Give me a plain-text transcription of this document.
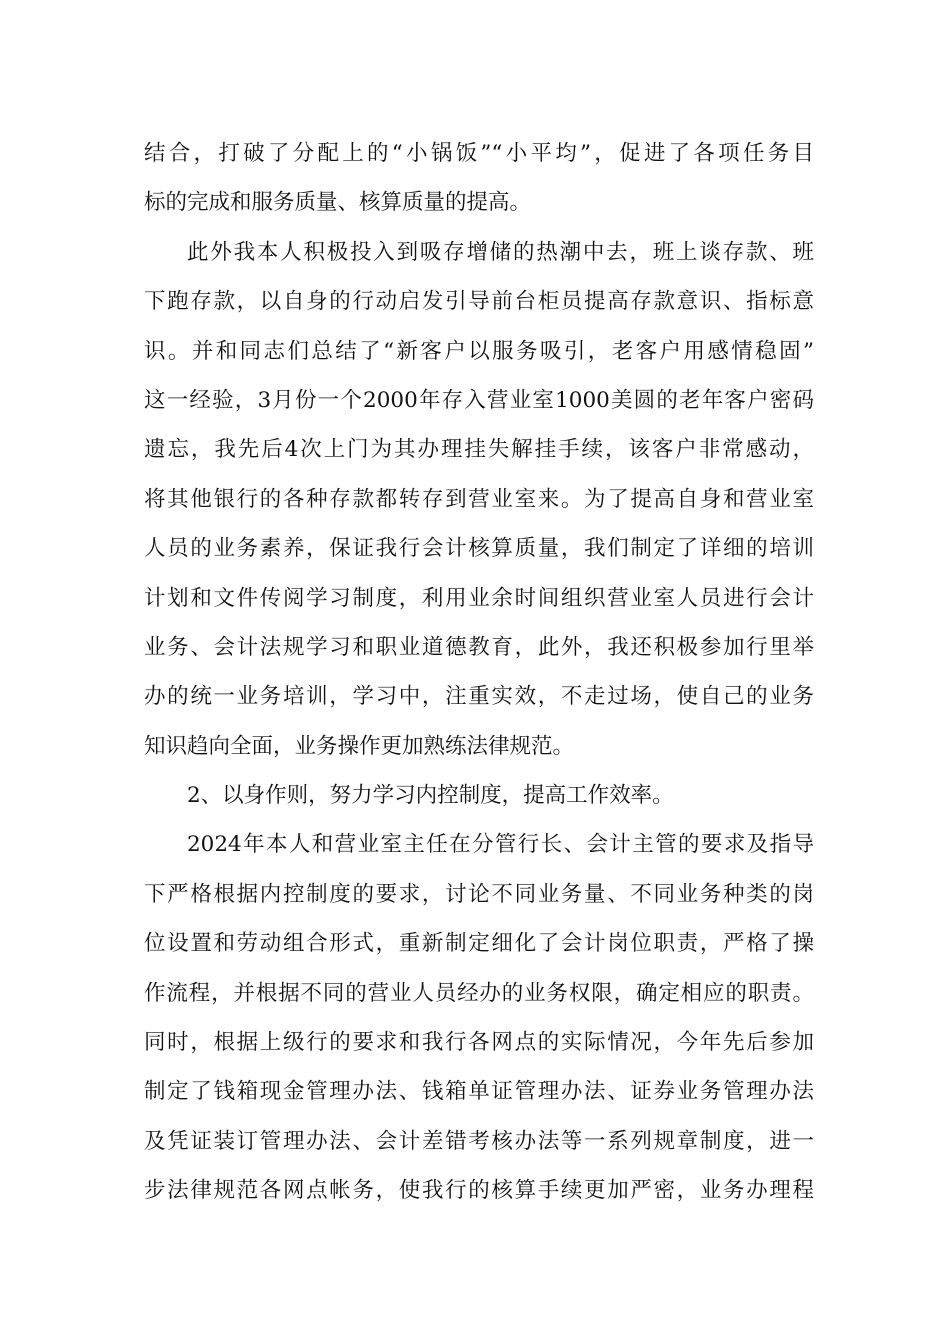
结合，打破了分配上的“小锅饭”“小平均”，促进了各项任务目
标的完成和服务质量、核算质量的提高。
此外我本人积极投入到吸存增储的热潮中去，班上谈存款、班
下跑存款，以自身的行动启发引导前台柜员提高存款意识、指标意
识。并和同志们总结了“新客户以服务吸引，老客户用感情稳固”
这一经验，3月份一个2000年存入营业室1000美圆的老年客户密码
遗忘，我先后4次上门为其办理挂失解挂手续，该客户非常感动，
将其他银行的各种存款都转存到营业室来。为了提高自身和营业室
人员的业务素养，保证我行会计核算质量，我们制定了详细的培训
计划和文件传阅学习制度，利用业余时间组织营业室人员进行会计
业务、会计法规学习和职业道德教育，此外，我还积极参加行里举
办的统一业务培训，学习中，注重实效，不走过场，使自己的业务
知识趋向全面，业务操作更加熟练法律规范。
2、以身作则，努力学习内控制度，提高工作效率。
2024年本人和营业室主任在分管行长、会计主管的要求及指导
下严格根据内控制度的要求，讨论不同业务量、不同业务种类的岗
位设置和劳动组合形式，重新制定细化了会计岗位职责，严格了操
作流程，并根据不同的营业人员经办的业务权限，确定相应的职责。
同时，根据上级行的要求和我行各网点的实际情况，今年先后参加
制定了钱箱现金管理办法、钱箱单证管理办法、证券业务管理办法
及凭证装订管理办法、会计差错考核办法等一系列规章制度，进一
步法律规范各网点帐务，使我行的核算手续更加严密，业务办理程
